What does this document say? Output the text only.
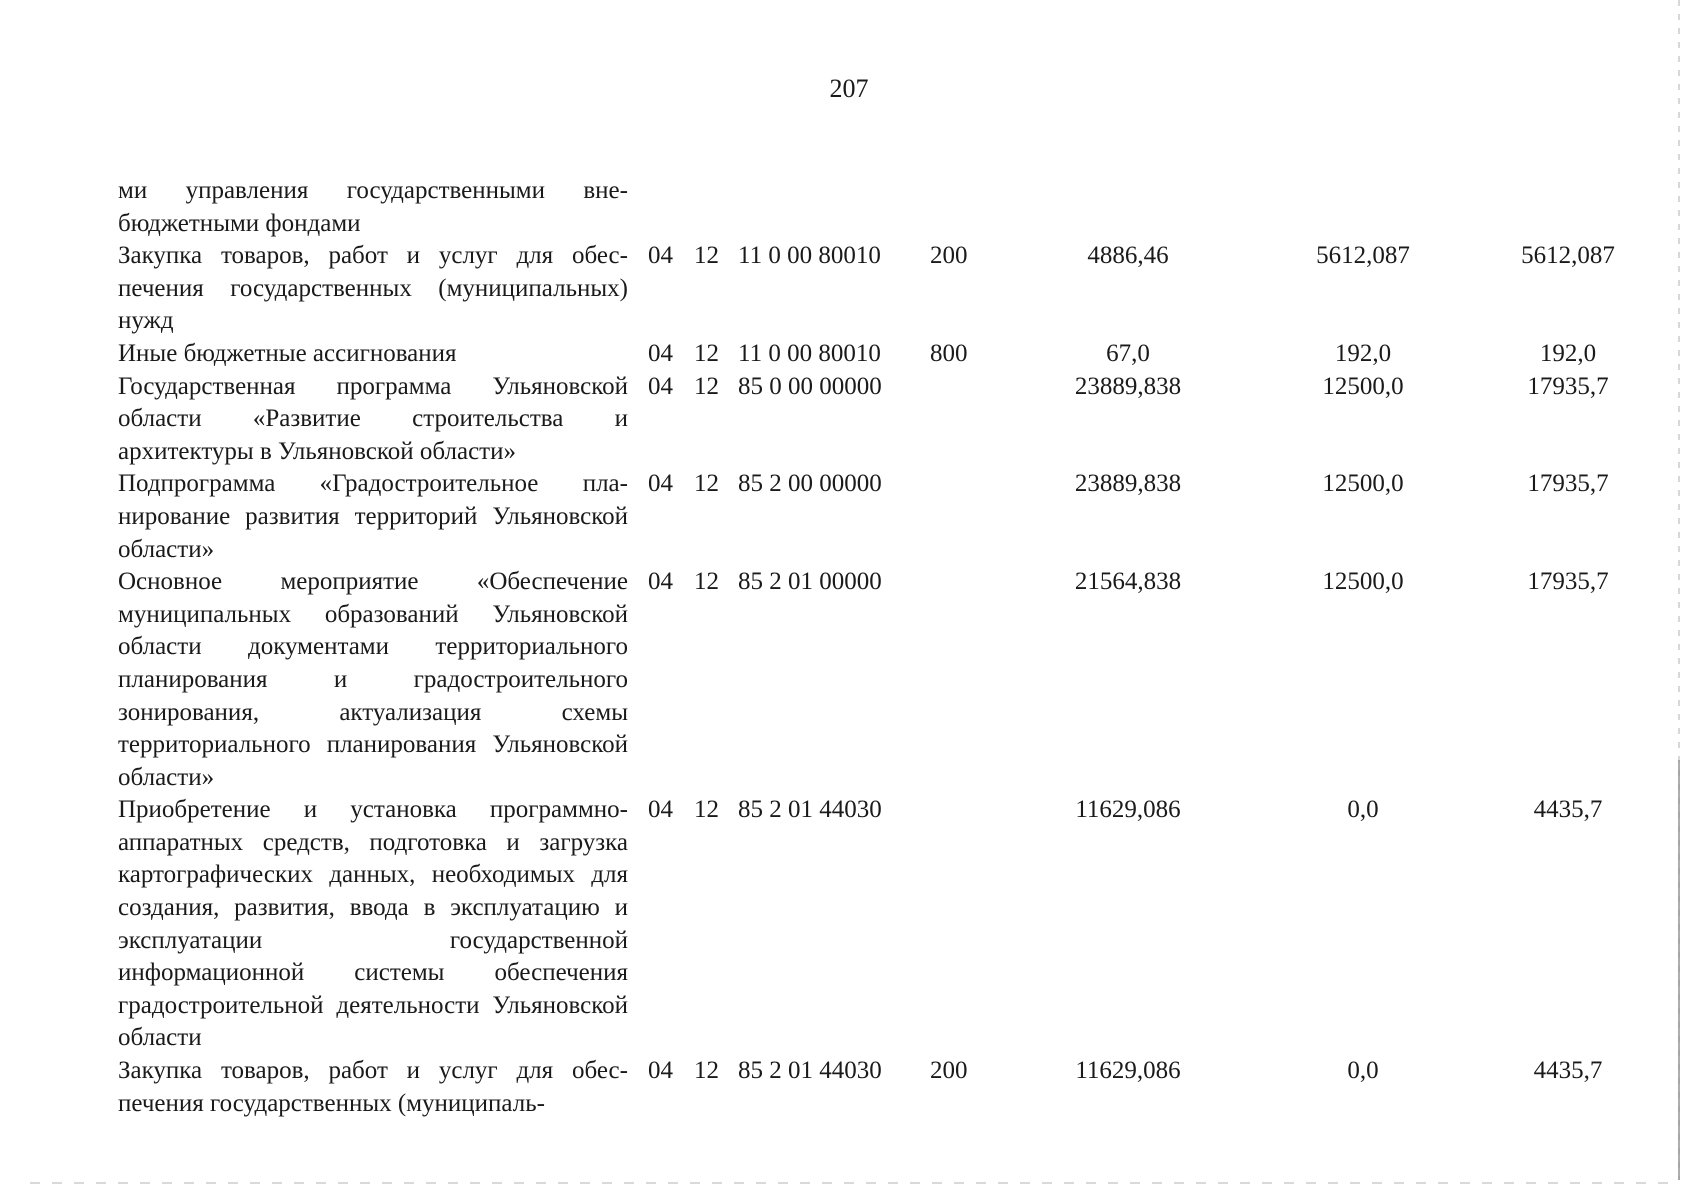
207
ми управления государственными внебюджетными фондами
Закупка товаров, работ и услуг для обеспечения государственных (муниципальных) нужд
04 12 11 0 00 80010 200	4886,46	5612,087	5612,087
Иные бюджетные ассигнования	04 12 11 0 00 80010 800	67,0	192,0	192,0
Государственная программа Ульяновской области «Развитие строительства и архитектуры в Ульяновской области»
04 12 85 0 00 00000	23889,838	12500,0	17935,7
Подпрограмма «Градостроительное планирование развития территорий Ульяновской области»
04 12 85 2 00 00000	23889,838	12500,0	17935,7
Основное мероприятие «Обеспечение муниципальных образований Ульяновской области документами территориального планирования и градостроительного зонирования, актуализация схемы территориального планирования Ульяновской области»
04 12 85 2 01 00000	21564,838	12500,0	17935,7
Приобретение и установка программно-аппаратных средств, подготовка и загрузка картографических данных, необходимых для создания, развития, ввода в эксплуатацию и эксплуатации государственной информационной системы обеспечения градостроительной деятельности Ульяновской области
04 12 85 2 01 44030	11629,086	0,0	4435,7
Закупка товаров, работ и услуг для обеспечения государственных (муниципаль-
04 12 85 2 01 44030 200	11629,086	0,0	4435,7
